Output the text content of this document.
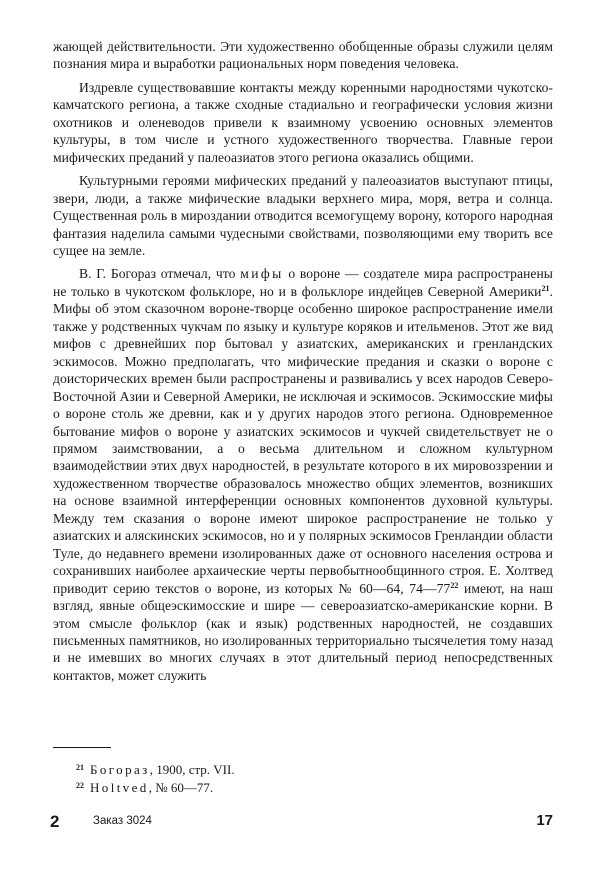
жающей действительности. Эти художественно обобщенные образы служили целям познания мира и выработки рациональных норм поведения человека.

Издревле существовавшие контакты между коренными народностями чукотско-камчатского региона, а также сходные стадиально и географически условия жизни охотников и оленеводов привели к взаимному усвоению основных элементов культуры, в том числе и устного художественного творчества. Главные герои мифических преданий у палеоазиатов этого региона оказались общими.

Культурными героями мифических преданий у палеоазиатов выступают птицы, звери, люди, а также мифические владыки верхнего мира, моря, ветра и солнца. Существенная роль в мироздании отводится всемогущему ворону, которого народная фантазия наделила самыми чудесными свойствами, позволяющими ему творить все сущее на земле.

В. Г. Богораз отмечал, что мифы о вороне — создателе мира распространены не только в чукотском фольклоре, но и в фольклоре индейцев Северной Америки$^{21}$. Мифы об этом сказочном вороне-творце особенно широкое распространение имели также у родственных чукчам по языку и культуре коряков и ительменов. Этот же вид мифов с древнейших пор бытовал у азиатских, американских и гренландских эскимосов. Можно предполагать, что мифические предания и сказки о вороне с доисторических времен были распространены и развивались у всех народов Северо-Восточной Азии и Северной Америки, не исключая и эскимосов. Эскимосские мифы о вороне столь же древни, как и у других народов этого региона. Одновременное бытование мифов о вороне у азиатских эскимосов и чукчей свидетельствует не о прямом заимствовании, а о весьма длительном и сложном культурном взаимодействии этих двух народностей, в результате которого в их мировоззрении и художественном творчестве образовалось множество общих элементов, возникших на основе взаимной интерференции основных компонентов духовной культуры. Между тем сказания о вороне имеют широкое распространение не только у азиатских и аляскинских эскимосов, но и у полярных эскимосов Гренландии области Туле, до недавнего времени изолированных даже от основного населения острова и сохранивших наиболее архаические черты первобытнообщинного строя. Е. Холтвед приводит серию текстов о вороне, из которых № 60—64, $74—77^{22}$ имеют, на наш взгляд, явные общеэскимосские и шире — североазиатско-американские корни. В этом смысле фольклор (как и язык) родственных народностей, не создавших письменных памятников, но изолированных территориально тысячелетия тому назад и не имевших во многих случаях в этот длительный период непосредственных контактов, может служить

$^{21}$ Богораз, 1900, стр. VII.

$^{22}$ Holtved, № 60—77.

2	Заказ 3024	17
